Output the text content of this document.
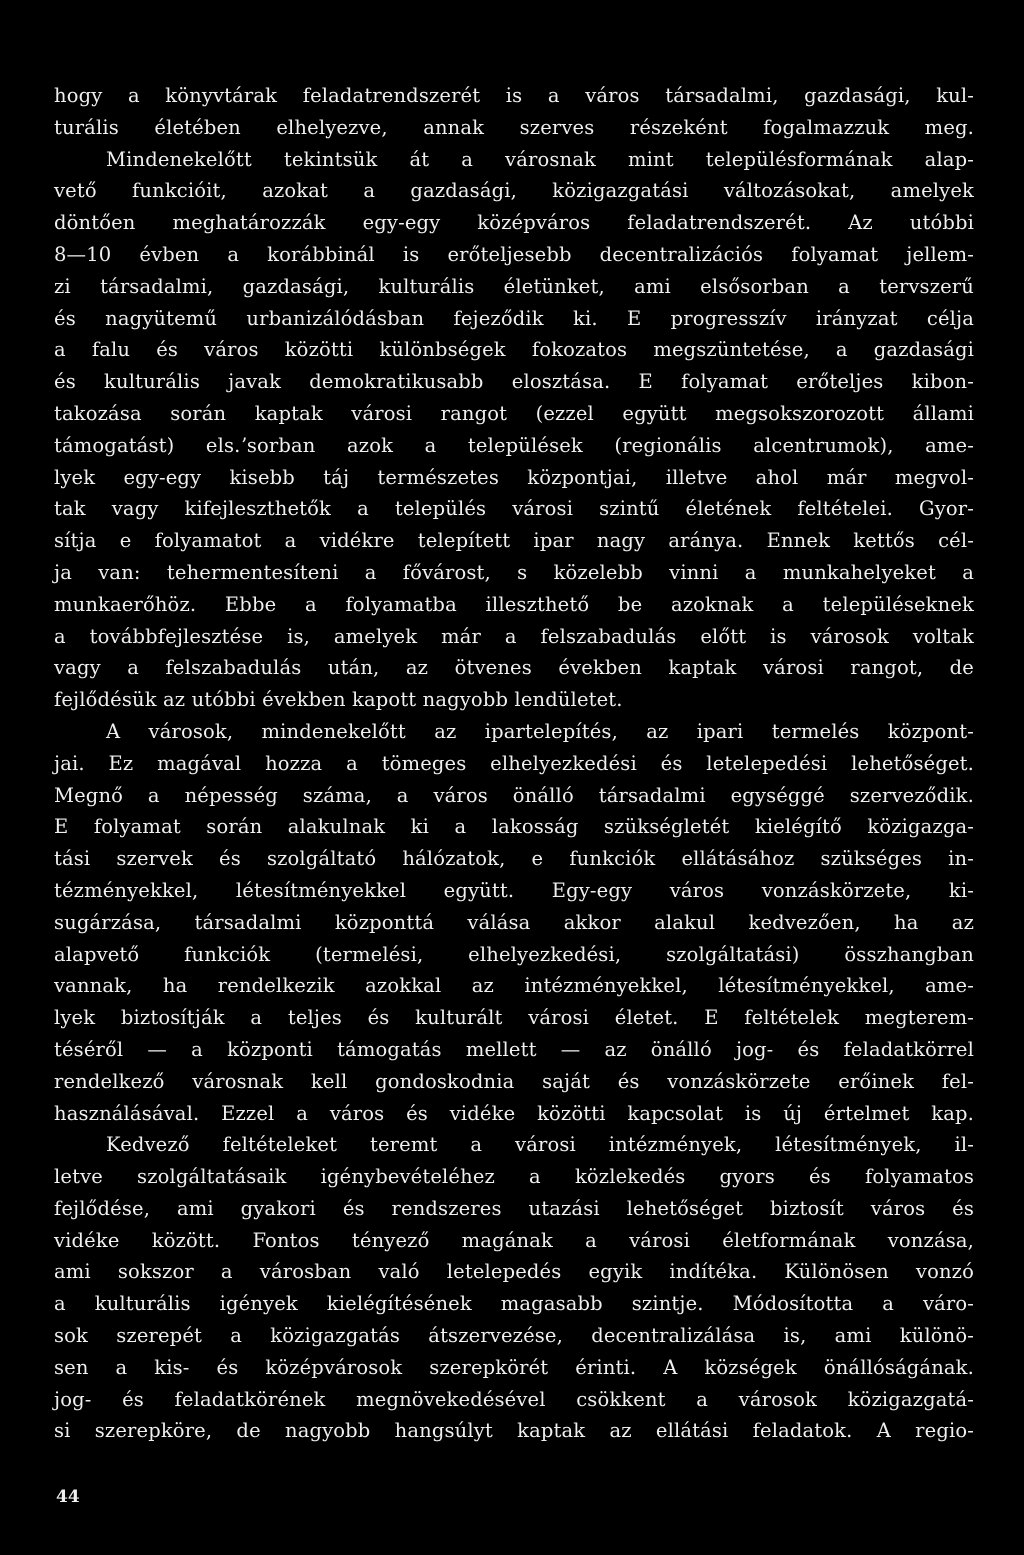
hogy a könyvtárak feladatrendszerét is a város társadalmi, gazdasági, kul-
turális életében elhelyezve, annak szerves részeként fogalmazzuk meg.
Mindenekelőtt tekintsük át a városnak mint településformának alap-
vető funkcióit, azokat a gazdasági, közigazgatási változásokat, amelyek
döntően meghatározzák egy-egy középváros feladatrendszerét. Az utóbbi
8—10 évben a korábbinál is erőteljesebb decentralizációs folyamat jellem-
zi társadalmi, gazdasági, kulturális életünket, ami elsősorban a tervszerű
és nagyütemű urbanizálódásban fejeződik ki. E progresszív irányzat célja
a falu és város közötti különbségek fokozatos megszüntetése, a gazdasági
és kulturális javak demokratikusabb elosztása. E folyamat erőteljes kibon-
takozása során kaptak városi rangot (ezzel együtt megsokszorozott állami
támogatást) els.ʼsorban azok a települések (regionális alcentrumok), ame-
lyek egy-egy kisebb táj természetes központjai, illetve ahol már megvol-
tak vagy kifejleszthetők a település városi szintű életének feltételei. Gyor-
sítja e folyamatot a vidékre telepített ipar nagy aránya. Ennek kettős cél-
ja van: tehermentesíteni a fővárost, s közelebb vinni a munkahelyeket a
munkaerőhöz. Ebbe a folyamatba illeszthető be azoknak a településeknek
a továbbfejlesztése is, amelyek már a felszabadulás előtt is városok voltak
vagy a felszabadulás után, az ötvenes években kaptak városi rangot, de
fejlődésük az utóbbi években kapott nagyobb lendületet.
A városok, mindenekelőtt az ipartelepítés, az ipari termelés központ-
jai. Ez magával hozza a tömeges elhelyezkedési és letelepedési lehetőséget.
Megnő a népesség száma, a város önálló társadalmi egységgé szerveződik.
E folyamat során alakulnak ki a lakosság szükségletét kielégítő közigazga-
tási szervek és szolgáltató hálózatok, e funkciók ellátásához szükséges in-
tézményekkel, létesítményekkel együtt. Egy-egy város vonzáskörzete, ki-
sugárzása, társadalmi központtá válása akkor alakul kedvezően, ha az
alapvető funkciók (termelési, elhelyezkedési, szolgáltatási) összhangban
vannak, ha rendelkezik azokkal az intézményekkel, létesítményekkel, ame-
lyek biztosítják a teljes és kulturált városi életet. E feltételek megterem-
téséről — a központi támogatás mellett — az önálló jog- és feladatkörrel
rendelkező városnak kell gondoskodnia saját és vonzáskörzete erőinek fel-
használásával. Ezzel a város és vidéke közötti kapcsolat is új értelmet kap.
Kedvező feltételeket teremt a városi intézmények, létesítmények, il-
letve szolgáltatásaik igénybevételéhez a közlekedés gyors és folyamatos
fejlődése, ami gyakori és rendszeres utazási lehetőséget biztosít város és
vidéke között. Fontos tényező magának a városi életformának vonzása,
ami sokszor a városban való letelepedés egyik indítéka. Különösen vonzó
a kulturális igények kielégítésének magasabb szintje. Módosította a váro-
sok szerepét a közigazgatás átszervezése, decentralizálása is, ami különö-
sen a kis- és középvárosok szerepkörét érinti. A községek önállóságának.
jog- és feladatkörének megnövekedésével csökkent a városok közigazgatá-
si szerepköre, de nagyobb hangsúlyt kaptak az ellátási feladatok. A regio-
44
